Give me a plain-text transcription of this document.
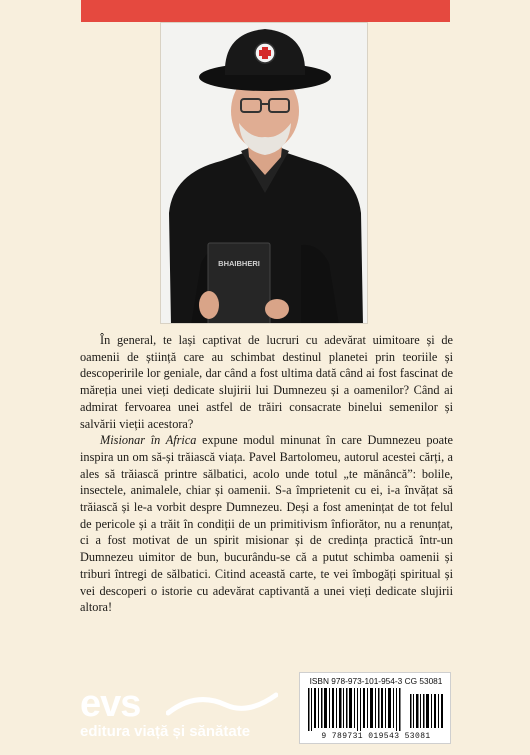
BHAIBHERI

În general, te lași captivat de lucruri cu adevărat uimitoare și de oamenii de știință care au schimbat destinul planetei prin teoriile și descoperirile lor geniale, dar când a fost ultima dată când ai fost fascinat de măreția unei vieți dedicate slujirii lui Dumnezeu și a oamenilor? Când ai admirat fervoarea unei astfel de trăiri consacrate binelui semenilor și salvării vieții acestora?

Misionar în Africa expune modul minunat în care Dumnezeu poate inspira un om să-și trăiască viața. Pavel Bartolomeu, autorul acestei cărți, a ales să trăiască printre sălbatici, acolo unde totul „te mănâncă”: bolile, insectele, animalele, chiar și oamenii. S-a împrietenit cu ei, i-a învățat să trăiască și le-a vorbit despre Dumnezeu. Deși a fost amenințat de tot felul de pericole și a trăit în condiții de un primitivism înfiorător, nu a renunțat, ci a fost motivat de un spirit misionar și de credința practică într-un Dumnezeu uimitor de bun, bucurându-se că a putut schimba oamenii și triburi întregi de sălbatici. Citind această carte, te vei îmbogăți spiritual și vei descoperi o istorie cu adevărat captivantă a unei vieți dedicate slujirii altora!

evs
editura viață și sănătate
ISBN 978-973-101-954-3 CG 53081
9 789731 019543 53081
